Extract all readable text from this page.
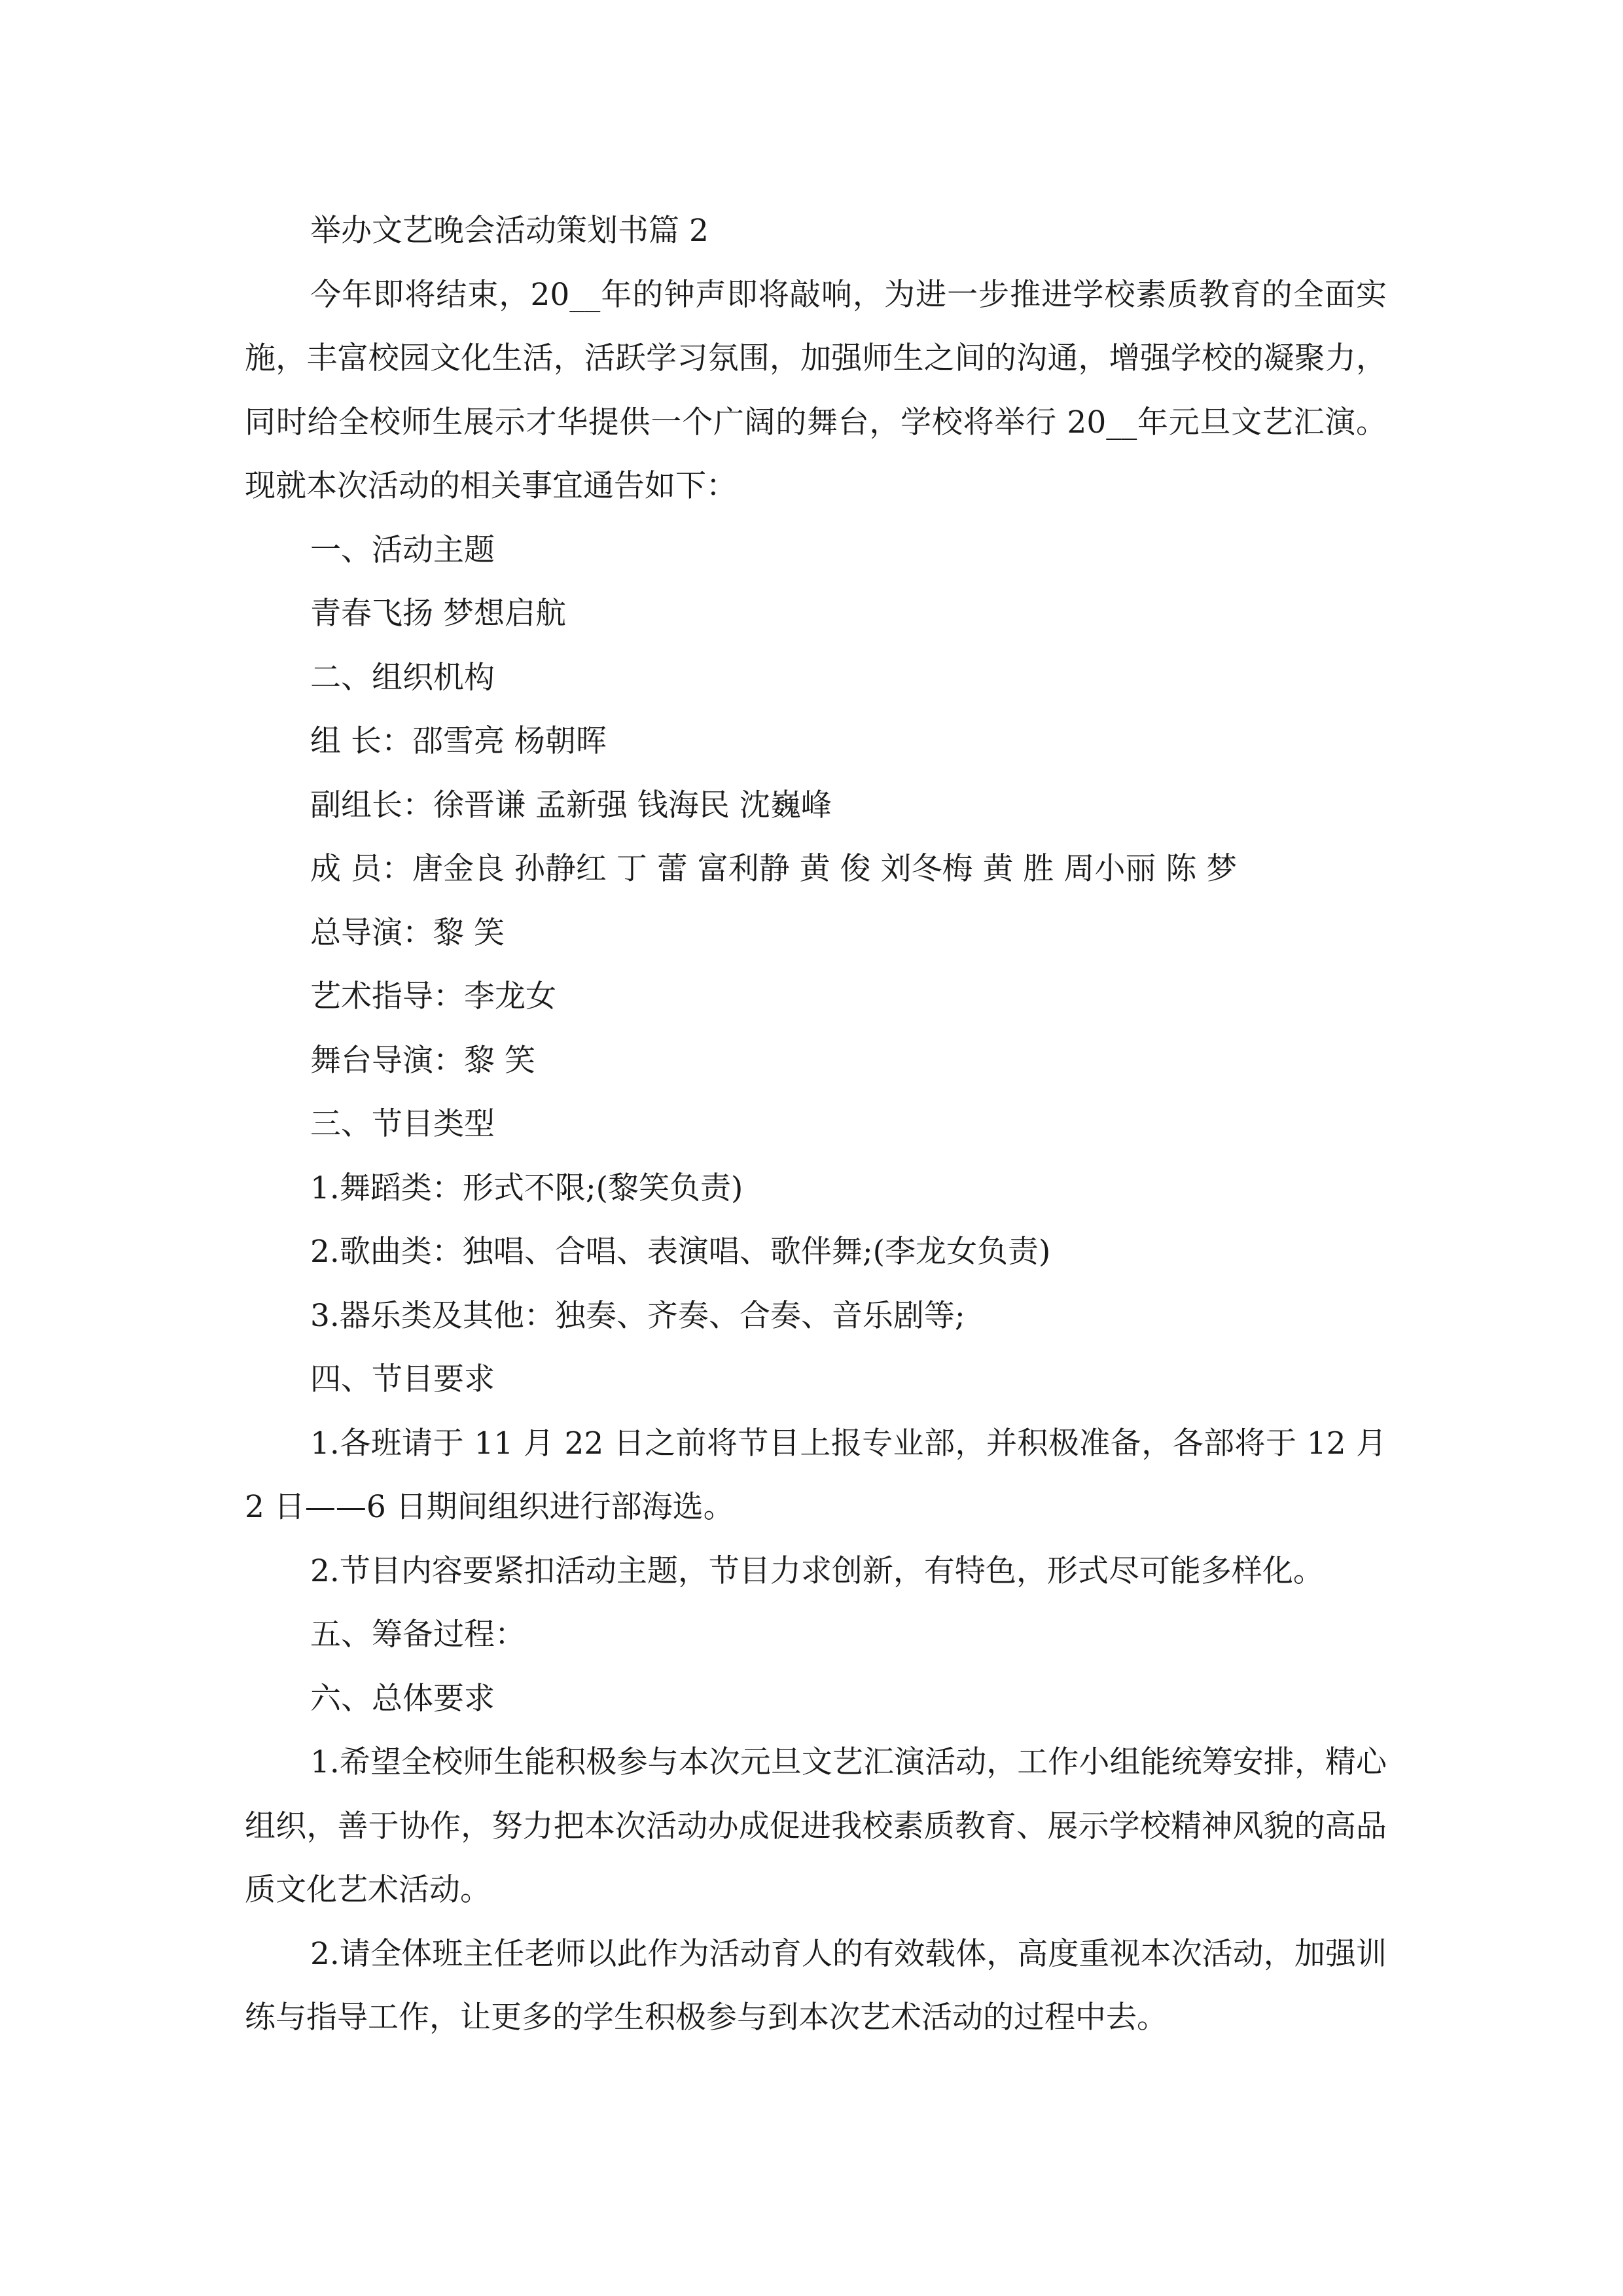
举办文艺晚会活动策划书篇 2

今年即将结束，20__年的钟声即将敲响，为进一步推进学校素质教育的全面实施，丰富校园文化生活，活跃学习氛围，加强师生之间的沟通，增强学校的凝聚力，同时给全校师生展示才华提供一个广阔的舞台，学校将举行 20__年元旦文艺汇演。现就本次活动的相关事宜通告如下：

一、活动主题

青春飞扬 梦想启航

二、组织机构

组 长：邵雪亮 杨朝晖

副组长：徐晋谦 孟新强 钱海民 沈巍峰

成 员：唐金良 孙静红 丁 蕾 富利静 黄 俊 刘冬梅 黄 胜 周小丽 陈 梦

总导演：黎 笑

艺术指导：李龙女

舞台导演：黎 笑

三、节目类型

1.舞蹈类：形式不限;(黎笑负责)

2.歌曲类：独唱、合唱、表演唱、歌伴舞;(李龙女负责)

3.器乐类及其他：独奏、齐奏、合奏、音乐剧等;

四、节目要求

1.各班请于 11 月 22 日之前将节目上报专业部，并积极准备，各部将于 12 月 2 日——6 日期间组织进行部海选。

2.节目内容要紧扣活动主题，节目力求创新，有特色，形式尽可能多样化。

五、筹备过程：

六、总体要求

1.希望全校师生能积极参与本次元旦文艺汇演活动，工作小组能统筹安排，精心组织，善于协作，努力把本次活动办成促进我校素质教育、展示学校精神风貌的高品质文化艺术活动。

2.请全体班主任老师以此作为活动育人的有效载体，高度重视本次活动，加强训练与指导工作，让更多的学生积极参与到本次艺术活动的过程中去。
